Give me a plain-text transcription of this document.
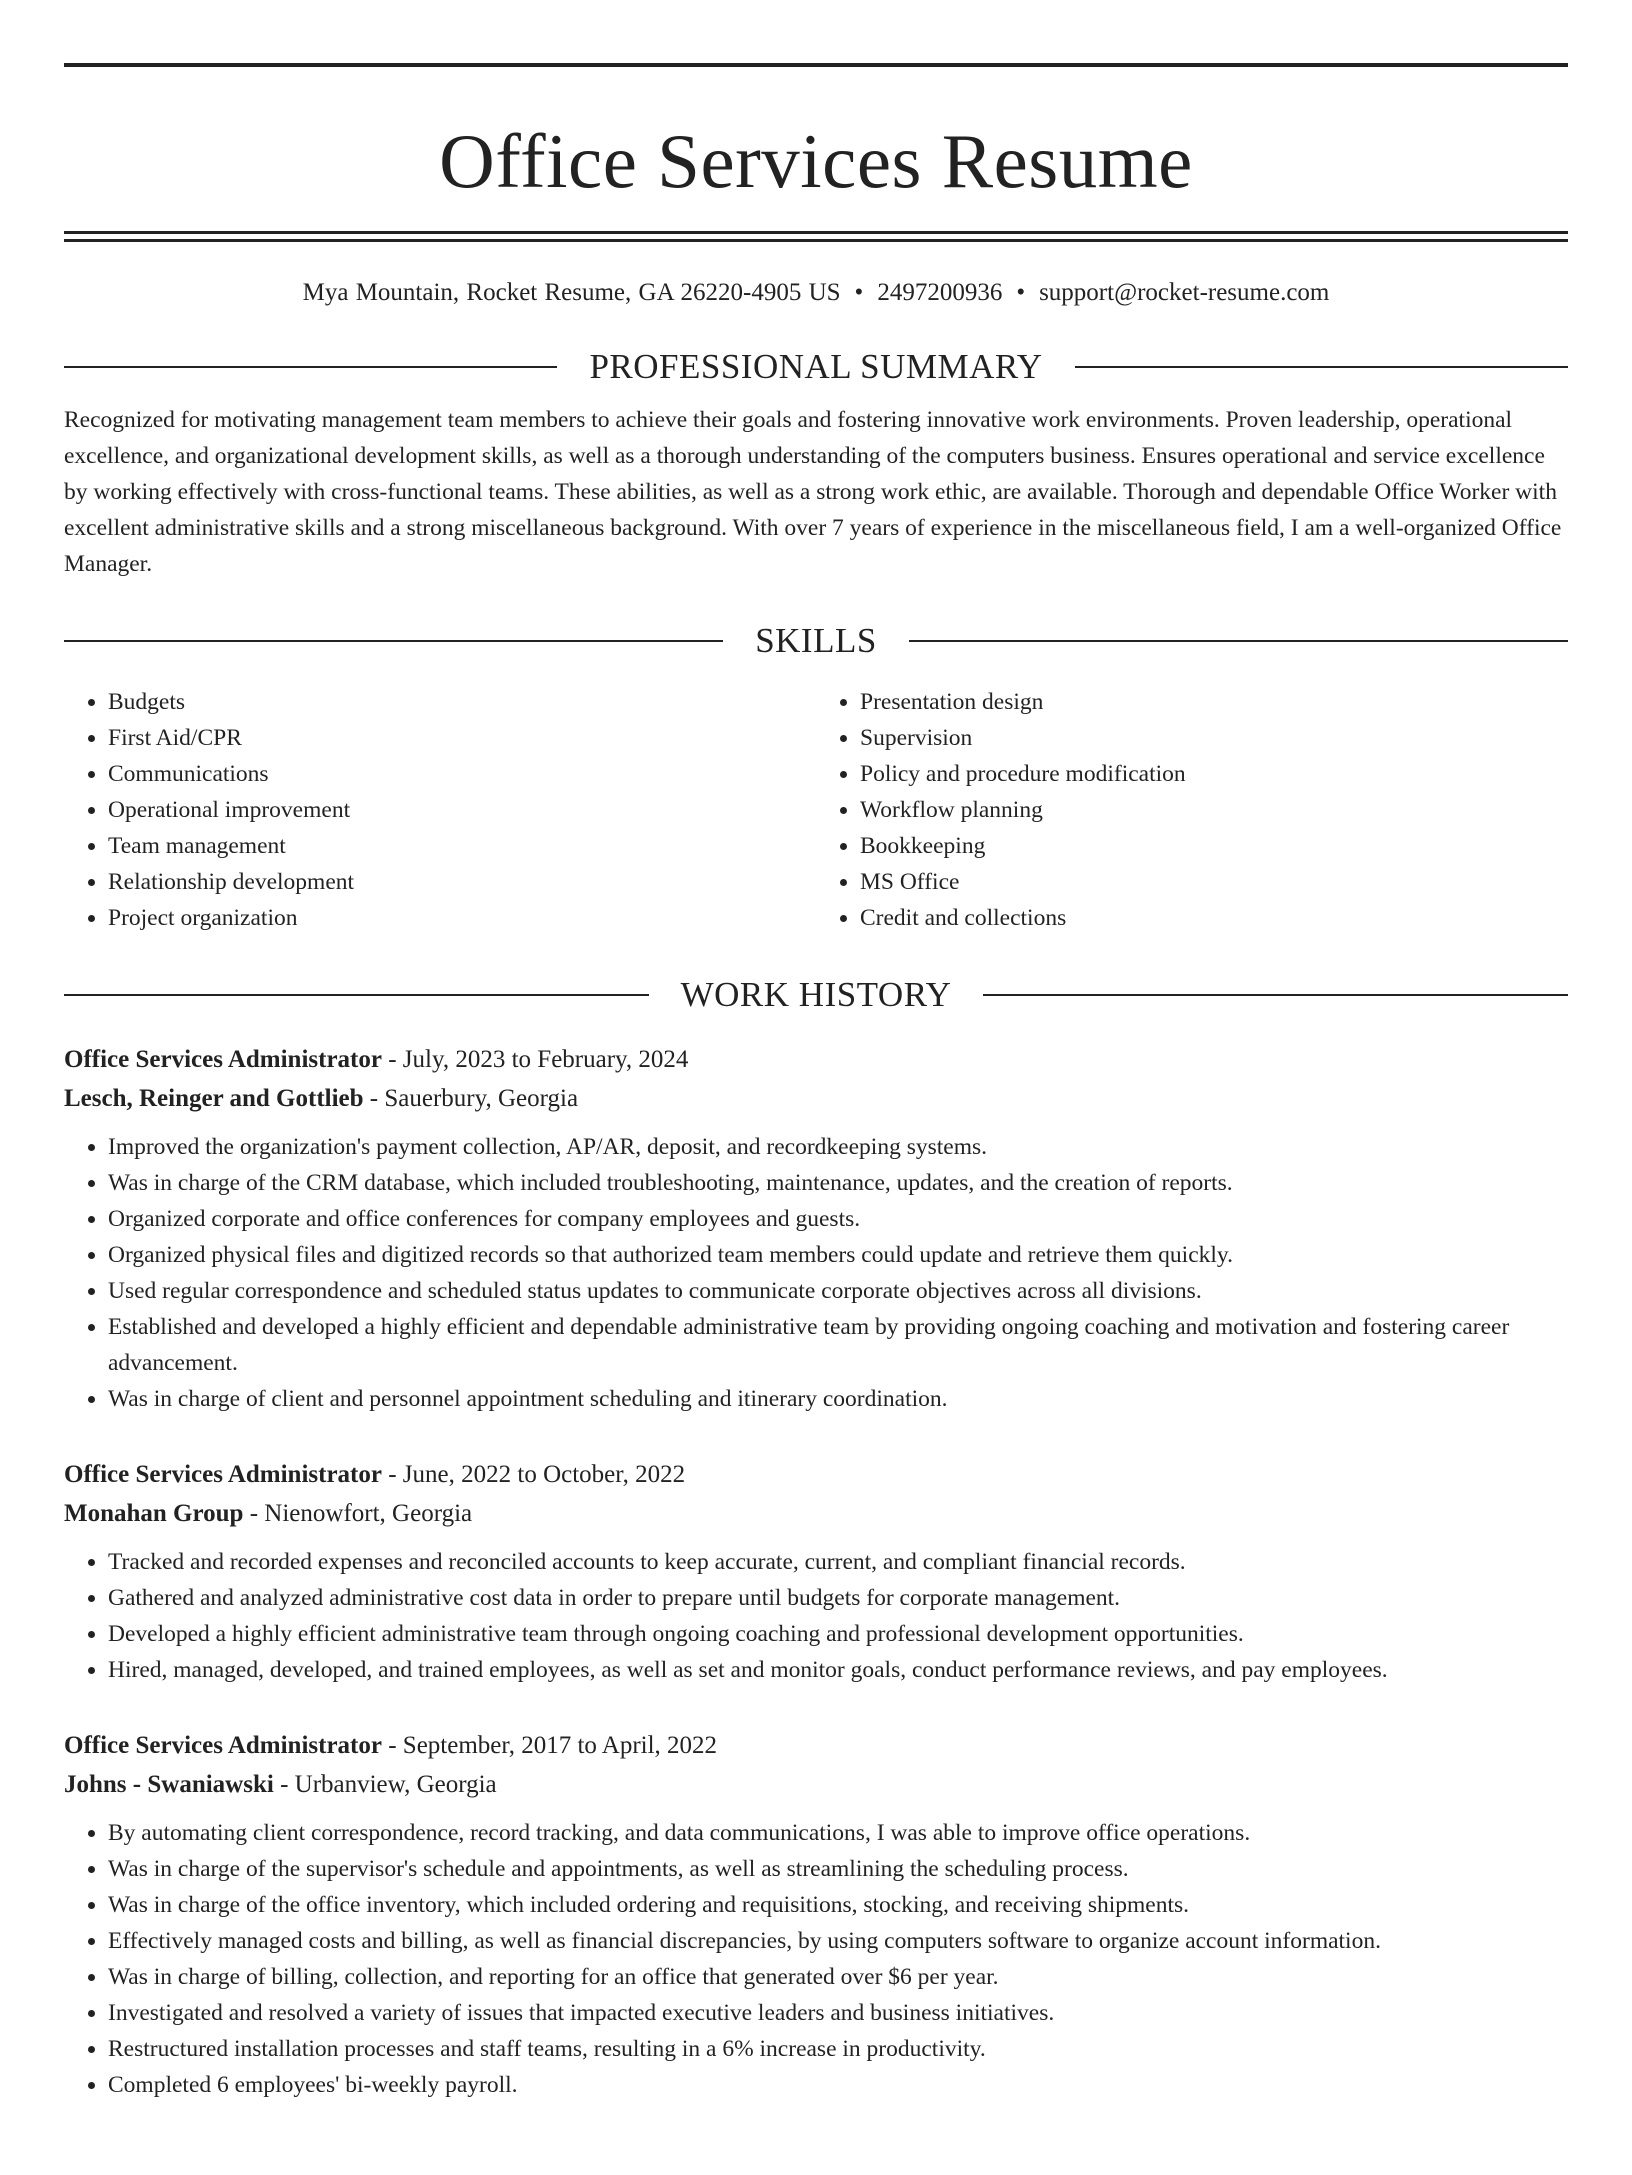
Office Services Resume
Mya Mountain, Rocket Resume, GA 26220-4905 US • 2497200936 • support@rocket-resume.com
PROFESSIONAL SUMMARY
Recognized for motivating management team members to achieve their goals and fostering innovative work environments. Proven leadership, operational excellence, and organizational development skills, as well as a thorough understanding of the computers business. Ensures operational and service excellence by working effectively with cross-functional teams. These abilities, as well as a strong work ethic, are available. Thorough and dependable Office Worker with excellent administrative skills and a strong miscellaneous background. With over 7 years of experience in the miscellaneous field, I am a well-organized Office Manager.
SKILLS
• Budgets
• First Aid/CPR
• Communications
• Operational improvement
• Team management
• Relationship development
• Project organization
• Presentation design
• Supervision
• Policy and procedure modification
• Workflow planning
• Bookkeeping
• MS Office
• Credit and collections
WORK HISTORY
Office Services Administrator - July, 2023 to February, 2024
Lesch, Reinger and Gottlieb - Sauerbury, Georgia
• Improved the organization's payment collection, AP/AR, deposit, and recordkeeping systems.
• Was in charge of the CRM database, which included troubleshooting, maintenance, updates, and the creation of reports.
• Organized corporate and office conferences for company employees and guests.
• Organized physical files and digitized records so that authorized team members could update and retrieve them quickly.
• Used regular correspondence and scheduled status updates to communicate corporate objectives across all divisions.
• Established and developed a highly efficient and dependable administrative team by providing ongoing coaching and motivation and fostering career advancement.
• Was in charge of client and personnel appointment scheduling and itinerary coordination.
Office Services Administrator - June, 2022 to October, 2022
Monahan Group - Nienowfort, Georgia
• Tracked and recorded expenses and reconciled accounts to keep accurate, current, and compliant financial records.
• Gathered and analyzed administrative cost data in order to prepare until budgets for corporate management.
• Developed a highly efficient administrative team through ongoing coaching and professional development opportunities.
• Hired, managed, developed, and trained employees, as well as set and monitor goals, conduct performance reviews, and pay employees.
Office Services Administrator - September, 2017 to April, 2022
Johns - Swaniawski - Urbanview, Georgia
• By automating client correspondence, record tracking, and data communications, I was able to improve office operations.
• Was in charge of the supervisor's schedule and appointments, as well as streamlining the scheduling process.
• Was in charge of the office inventory, which included ordering and requisitions, stocking, and receiving shipments.
• Effectively managed costs and billing, as well as financial discrepancies, by using computers software to organize account information.
• Was in charge of billing, collection, and reporting for an office that generated over $6 per year.
• Investigated and resolved a variety of issues that impacted executive leaders and business initiatives.
• Restructured installation processes and staff teams, resulting in a 6% increase in productivity.
• Completed 6 employees' bi-weekly payroll.
